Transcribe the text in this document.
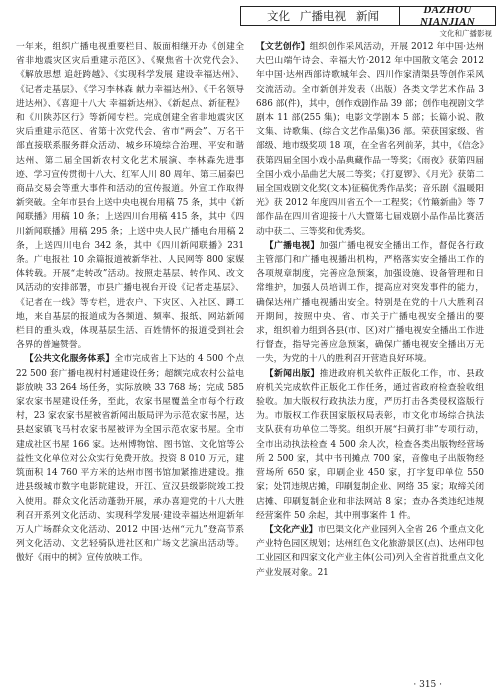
文化 广播电视 新闻	DAZHOU NIANJIAN
文化和广播影视

一年来，组织广播电视重要栏目、版面相继开办《创建全省非地震灾区灾后重建示范区》、《聚焦省十次党代会》、《解放思想 追赶跨越》、《实现科学发展 建设幸福达州》、《记者走基层》、《学习李林森 献力幸福达州》、《千名领导进达州》、《喜迎十八大 幸福新达州》、《新起点、新征程》和《川陕苏区行》等新闻专栏。完成创建全省非地震灾区灾后重建示范区、省第十次党代会、省市“两会”、万名干部直接联系服务群众活动、城乡环境综合治理、平安和谐达州、第二届全国新农村文化艺术展演、李林森先进事迹、学习宣传贯彻十八大、红军人川 80 周年、第三届秦巴商品交易会等重大事件和活动的宣传报道。外宣工作取得新突破。全年市县台上送中央电视台用稿 75 条，其中《新闻联播》用稿 10 条；上送四川台用稿 415 条，其中《四川新闻联播》用稿 295 条；上送中央人民广播电台用稿 2 条，上送四川电台 342 条，其中《四川新闻联播》231 条。广电报社 10 余篇报道被新华社、人民网等 800 家媒体转载。开展“走转改”活动。按照走基层、转作风、改文风活动的安排部署，市县广播电视台开设《记者走基层》、《记者在一线》等专栏，进农户、下灾区、入社区、蹲工地，来自基层的报道成为各频道、频率、报纸、网站新闻栏目的重头戏，体现基层生活、百姓情怀的报道受到社会各界的普遍赞誉。

【公共文化服务体系】全市完成省上下达的 4 500 个点 22 500 套广播电视村村通建设任务；超额完成农村公益电影放映 33 264 场任务，实际放映 33 768 场；完成 585 家农家书屋建设任务，至此，农家书屋覆盖全市每个行政村，23 家农家书屋被省新闻出版局评为示范农家书屋，达县赵家镇飞马村农家书屋被评为全国示范农家书屋。全市建成社区书屋 166 家。达州博物馆、图书馆、文化馆等公益性文化单位对公众实行免费开放。投资 8 010 万元，建筑面积 14 760 平方米的达州市图书馆加紧推进建设。推进县级城市数字电影院建设，开江、宣汉县级影院竣工投入使用。群众文化活动蓬勃开展，承办喜迎党的十八大胜利召开系列文化活动、实现科学发展·建设幸福达州迎新年万人广场群众文化活动、2012 中国·达州“元九”登高节系列文化活动、文艺轻骑队进社区和广场文艺演出活动等。傲好《雨中的树》宣传放映工作。

【文艺创作】组织创作采风活动，开展 2012 年中国·达州大巴山端午诗会、幸福大竹·2012 年中国散文笔会 2012 年中国·达州西部诗歌城年会、四川作家清渠县等创作采风交流活动。全市新创并发表（出版）各类文学艺术作品 3 686 部(件)，其中，创作戏剧作品 39 部；创作电视剧文学剧本 11 部(255 集)；电影文学剧本 5 部；长篇小说、散文集、诗歌集、(综合文艺作品集)36 部。荣获国家级、省部级、地市级奖项 18 项，在全省名列前茅，其中，《信念》获第四届全国小戏小品典藏作品一等奖；《雨夜》获第四届全国小戏小品曲艺大展二等奖；《打夏锣》、《月光》获第二届全国戏剧文化奖(文本)征稿优秀作品奖；音乐剧《温暖阳光》获 2012 年度四川省五个一工程奖；《竹簸新曲》等 7 部作品在四川省迎接十八大暨第七届戏剧小品作品比赛活动中获二、三等奖和优秀奖。

【广播电视】加强广播电视安全播出工作，督促各行政主管部门和广播电视播出机构，严格落实安全播出工作的各项规章制度，完善应急预案，加强设施、设备管理和日常维护，加强人员培训工作，提高应对突发事件的能力，确保达州广播电视播出安全。特别是在党的十八大胜利召开期间，按照中央、省、市关于广播电视安全播出的要求，组织着力组到各县(市、区)对广播电视安全播出工作进行督查，指导完善应急预案，确保广播电视安全播出万无一失，为党的十八的胜利召开营造良好环境。

【新闻出版】推进政府机关软件正版化工作，市、县政府机关完成软件正版化工作任务，通过省政府检查验收组验收。加大版权行政执法力度，严历打击各类侵权盗版行为。市版权工作获国家版权局表彰，市文化市场综合执法支队获有功单位二等奖。组织开展“扫黄打非”专项行动，全市出动执法检查 4 500 余人次，检查各类出版物经营场所 2 500 家，其中书刊摊点 700 家，音像电子出版物经营场所 650 家，印刷企业 450 家，打字复印单位 550 家；处罚违规店摊，印刷复制企业、网络 35 家；取缔关闭店摊、印刷复制企业和非法网站 8 家；查办各类违纪违规经营案件 50 余起，其中刑事案件 1 件。

【文化产业】市巴渠文化产业园列入全省 26 个重点文化产业特色园区规划；达州红色文化旅游景区(点)、达州印包工业园区和四家文化产业主体(公司)列入全省首批重点文化产业发展对象。21

· 315 ·
